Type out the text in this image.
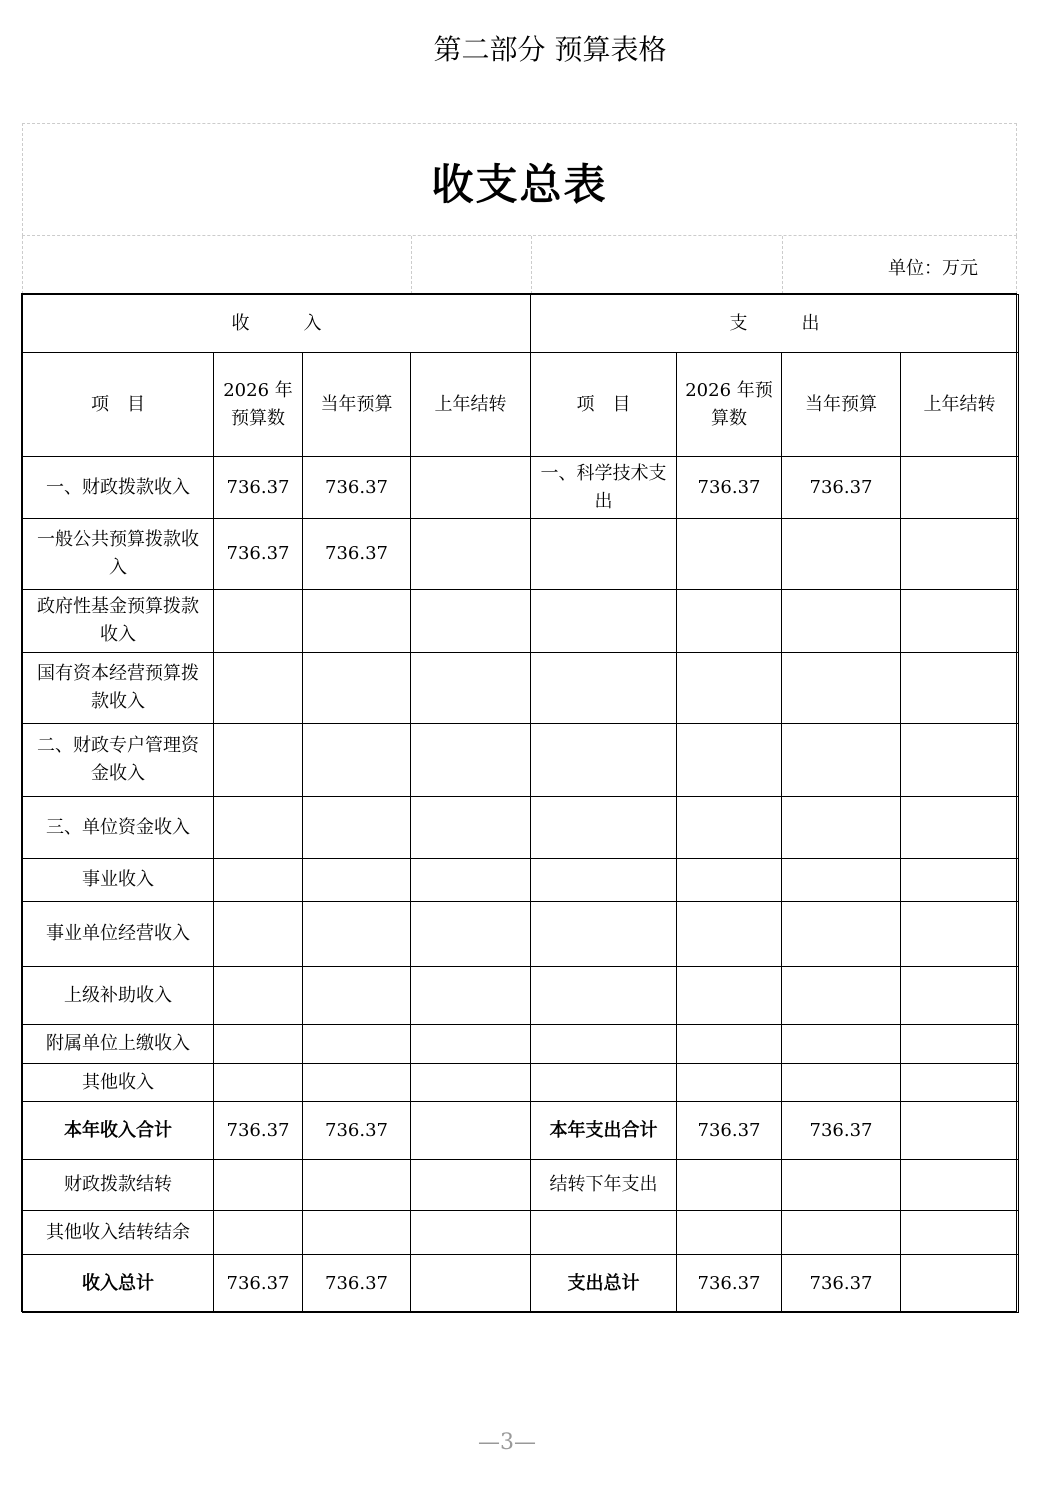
第二部分 预算表格
收支总表
单位：万元
收　　　入				支　　　出			
项　目	2026 年预算数	当年预算	上年结转	项　目	2026 年预算数	当年预算	上年结转
一、财政拨款收入	736.37	736.37		一、科学技术支出	736.37	736.37	
一般公共预算拨款收入	736.37	736.37					
政府性基金预算拨款收入							
国有资本经营预算拨款收入							
二、财政专户管理资金收入							
三、单位资金收入							
事业收入							
事业单位经营收入							
上级补助收入							
附属单位上缴收入							
其他收入							
本年收入合计	736.37	736.37		本年支出合计	736.37	736.37	
财政拨款结转				结转下年支出			
其他收入结转结余							
收入总计	736.37	736.37		支出总计	736.37	736.37	
—3—
